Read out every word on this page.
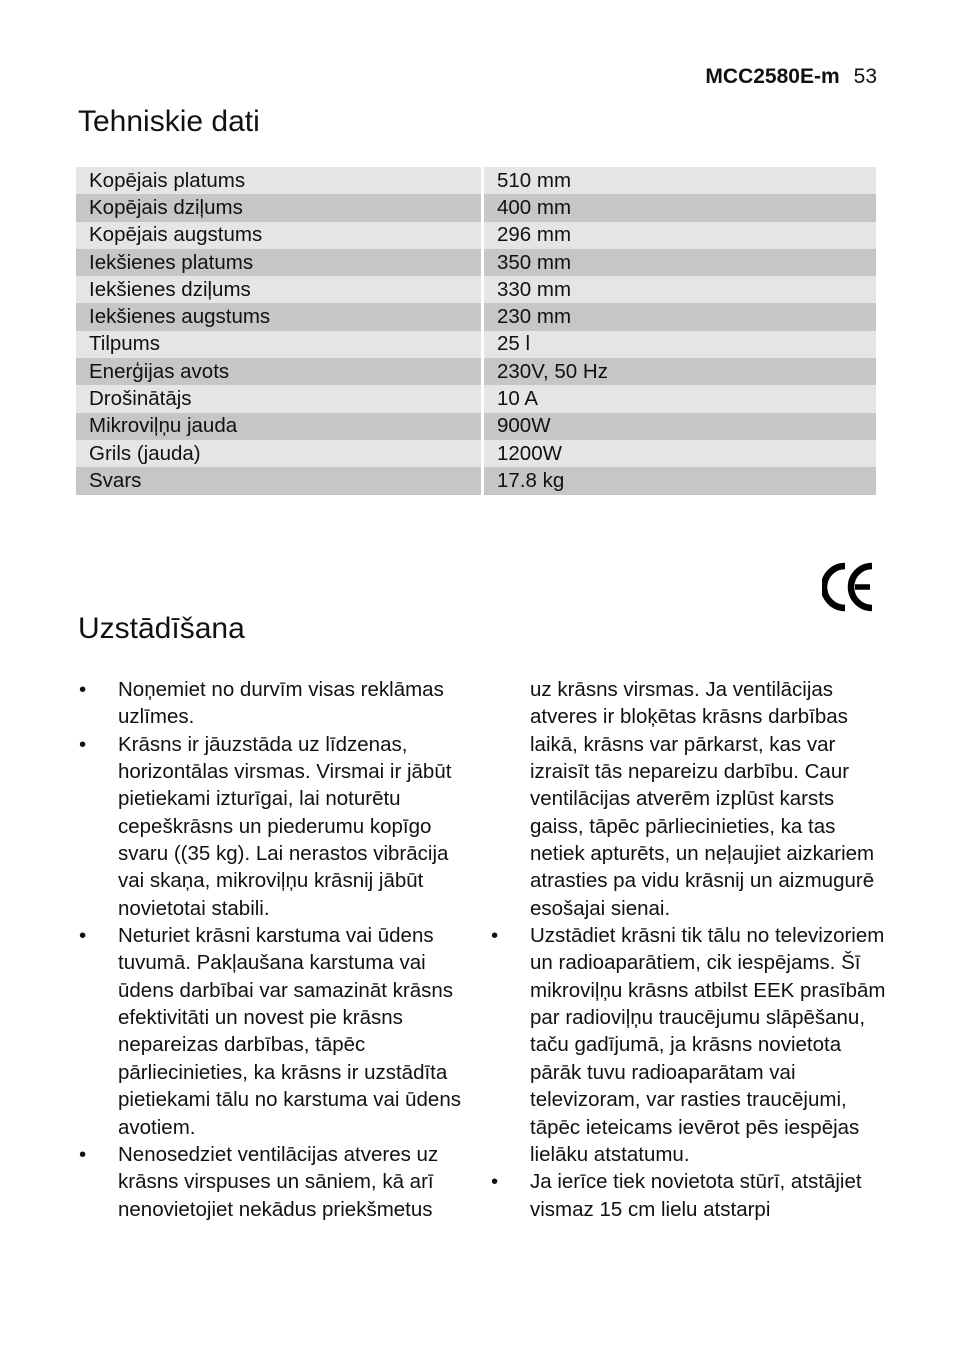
MCC2580E-m 53
Tehniskie dati
Kopējais platums	510 mm
Kopējais dziļums	400 mm
Kopējais augstums	296 mm
Iekšienes platums	350 mm
Iekšienes dziļums	330 mm
Iekšienes augstums	230 mm
Tilpums	25 l
Enerģijas avots	230V, 50 Hz
Drošinātājs	10 A
Mikroviļņu jauda	900W
Grils (jauda)	1200W
Svars	17.8 kg
Uzstādīšana
• Noņemiet no durvīm visas reklāmas uzlīmes.
• Krāsns ir jāuzstāda uz līdzenas, horizontālas virsmas. Virsmai ir jābūt pietiekami izturīgai, lai noturētu cepeškrāsns un piederumu kopīgo svaru ((35 kg). Lai nerastos vibrācija vai skaņa, mikroviļņu krāsnij jābūt novietotai stabili.
• Neturiet krāsni karstuma vai ūdens tuvumā. Pakļaušana karstuma vai ūdens darbībai var samazināt krāsns efektivitāti un novest pie krāsns nepareizas darbības, tāpēc pārliecinieties, ka krāsns ir uzstādīta pietiekami tālu no karstuma vai ūdens avotiem.
• Nenosedziet ventilācijas atveres uz krāsns virspuses un sāniem, kā arī nenovietojiet nekādus priekšmetus
uz krāsns virsmas. Ja ventilācijas atveres ir bloķētas krāsns darbības laikā, krāsns var pārkarst, kas var izraisīt tās nepareizu darbību. Caur ventilācijas atverēm izplūst karsts gaiss, tāpēc pārliecinieties, ka tas netiek apturēts, un neļaujiet aizkariem atrasties pa vidu krāsnij un aizmugurē esošajai sienai.
• Uzstādiet krāsni tik tālu no televizoriem un radioaparātiem, cik iespējams. Šī mikroviļņu krāsns atbilst EEK prasībām par radioviļņu traucējumu slāpēšanu, taču gadījumā, ja krāsns novietota pārāk tuvu radioaparātam vai televizoram, var rasties traucējumi, tāpēc ieteicams ievērot pēs iespējas lielāku atstatumu.
• Ja ierīce tiek novietota stūrī, atstājiet vismaz 15 cm lielu atstarpi
